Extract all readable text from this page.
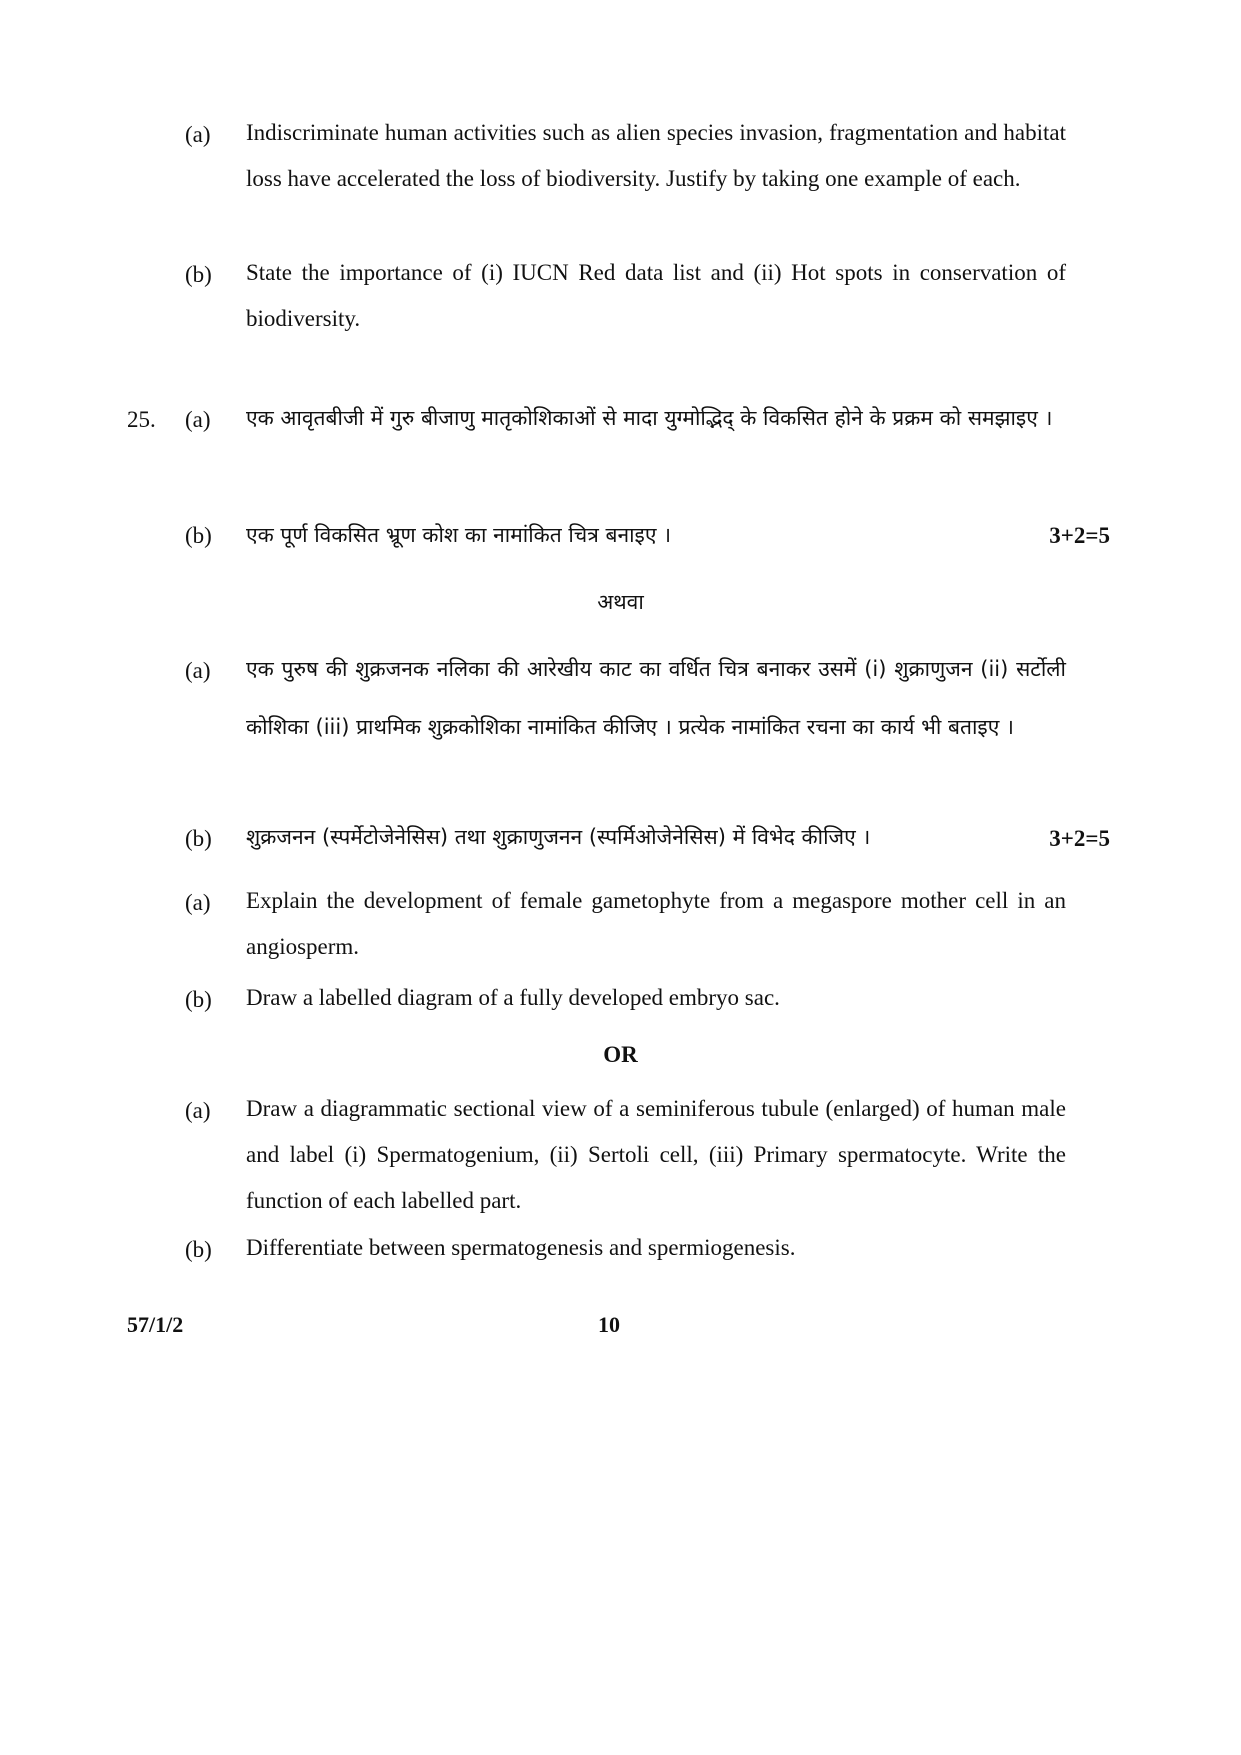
(a) Indiscriminate human activities such as alien species invasion, fragmentation and habitat loss have accelerated the loss of biodiversity. Justify by taking one example of each.
(b) State the importance of (i) IUCN Red data list and (ii) Hot spots in conservation of biodiversity.
25. (a) एक आवृतबीजी में गुरु बीजाणु मातृकोशिकाओं से मादा युग्मोद्भिद् के विकसित होने के प्रक्रम को समझाइए ।
(b) एक पूर्ण विकसित भ्रूण कोश का नामांकित चित्र बनाइए ।	3+2=5
अथवा
(a) एक पुरुष की शुक्रजनक नलिका की आरेखीय काट का वर्धित चित्र बनाकर उसमें (i) शुक्राणुजन (ii) सर्टोली कोशिका (iii) प्राथमिक शुक्रकोशिका नामांकित कीजिए । प्रत्येक नामांकित रचना का कार्य भी बताइए ।
(b) शुक्रजनन (स्पर्मेटोजेनेसिस) तथा शुक्राणुजनन (स्पर्मिओजेनेसिस) में विभेद कीजिए ।	3+2=5
(a) Explain the development of female gametophyte from a megaspore mother cell in an angiosperm.
(b) Draw a labelled diagram of a fully developed embryo sac.
OR
(a) Draw a diagrammatic sectional view of a seminiferous tubule (enlarged) of human male and label (i) Spermatogenium, (ii) Sertoli cell, (iii) Primary spermatocyte. Write the function of each labelled part.
(b) Differentiate between spermatogenesis and spermiogenesis.
57/1/2	10
